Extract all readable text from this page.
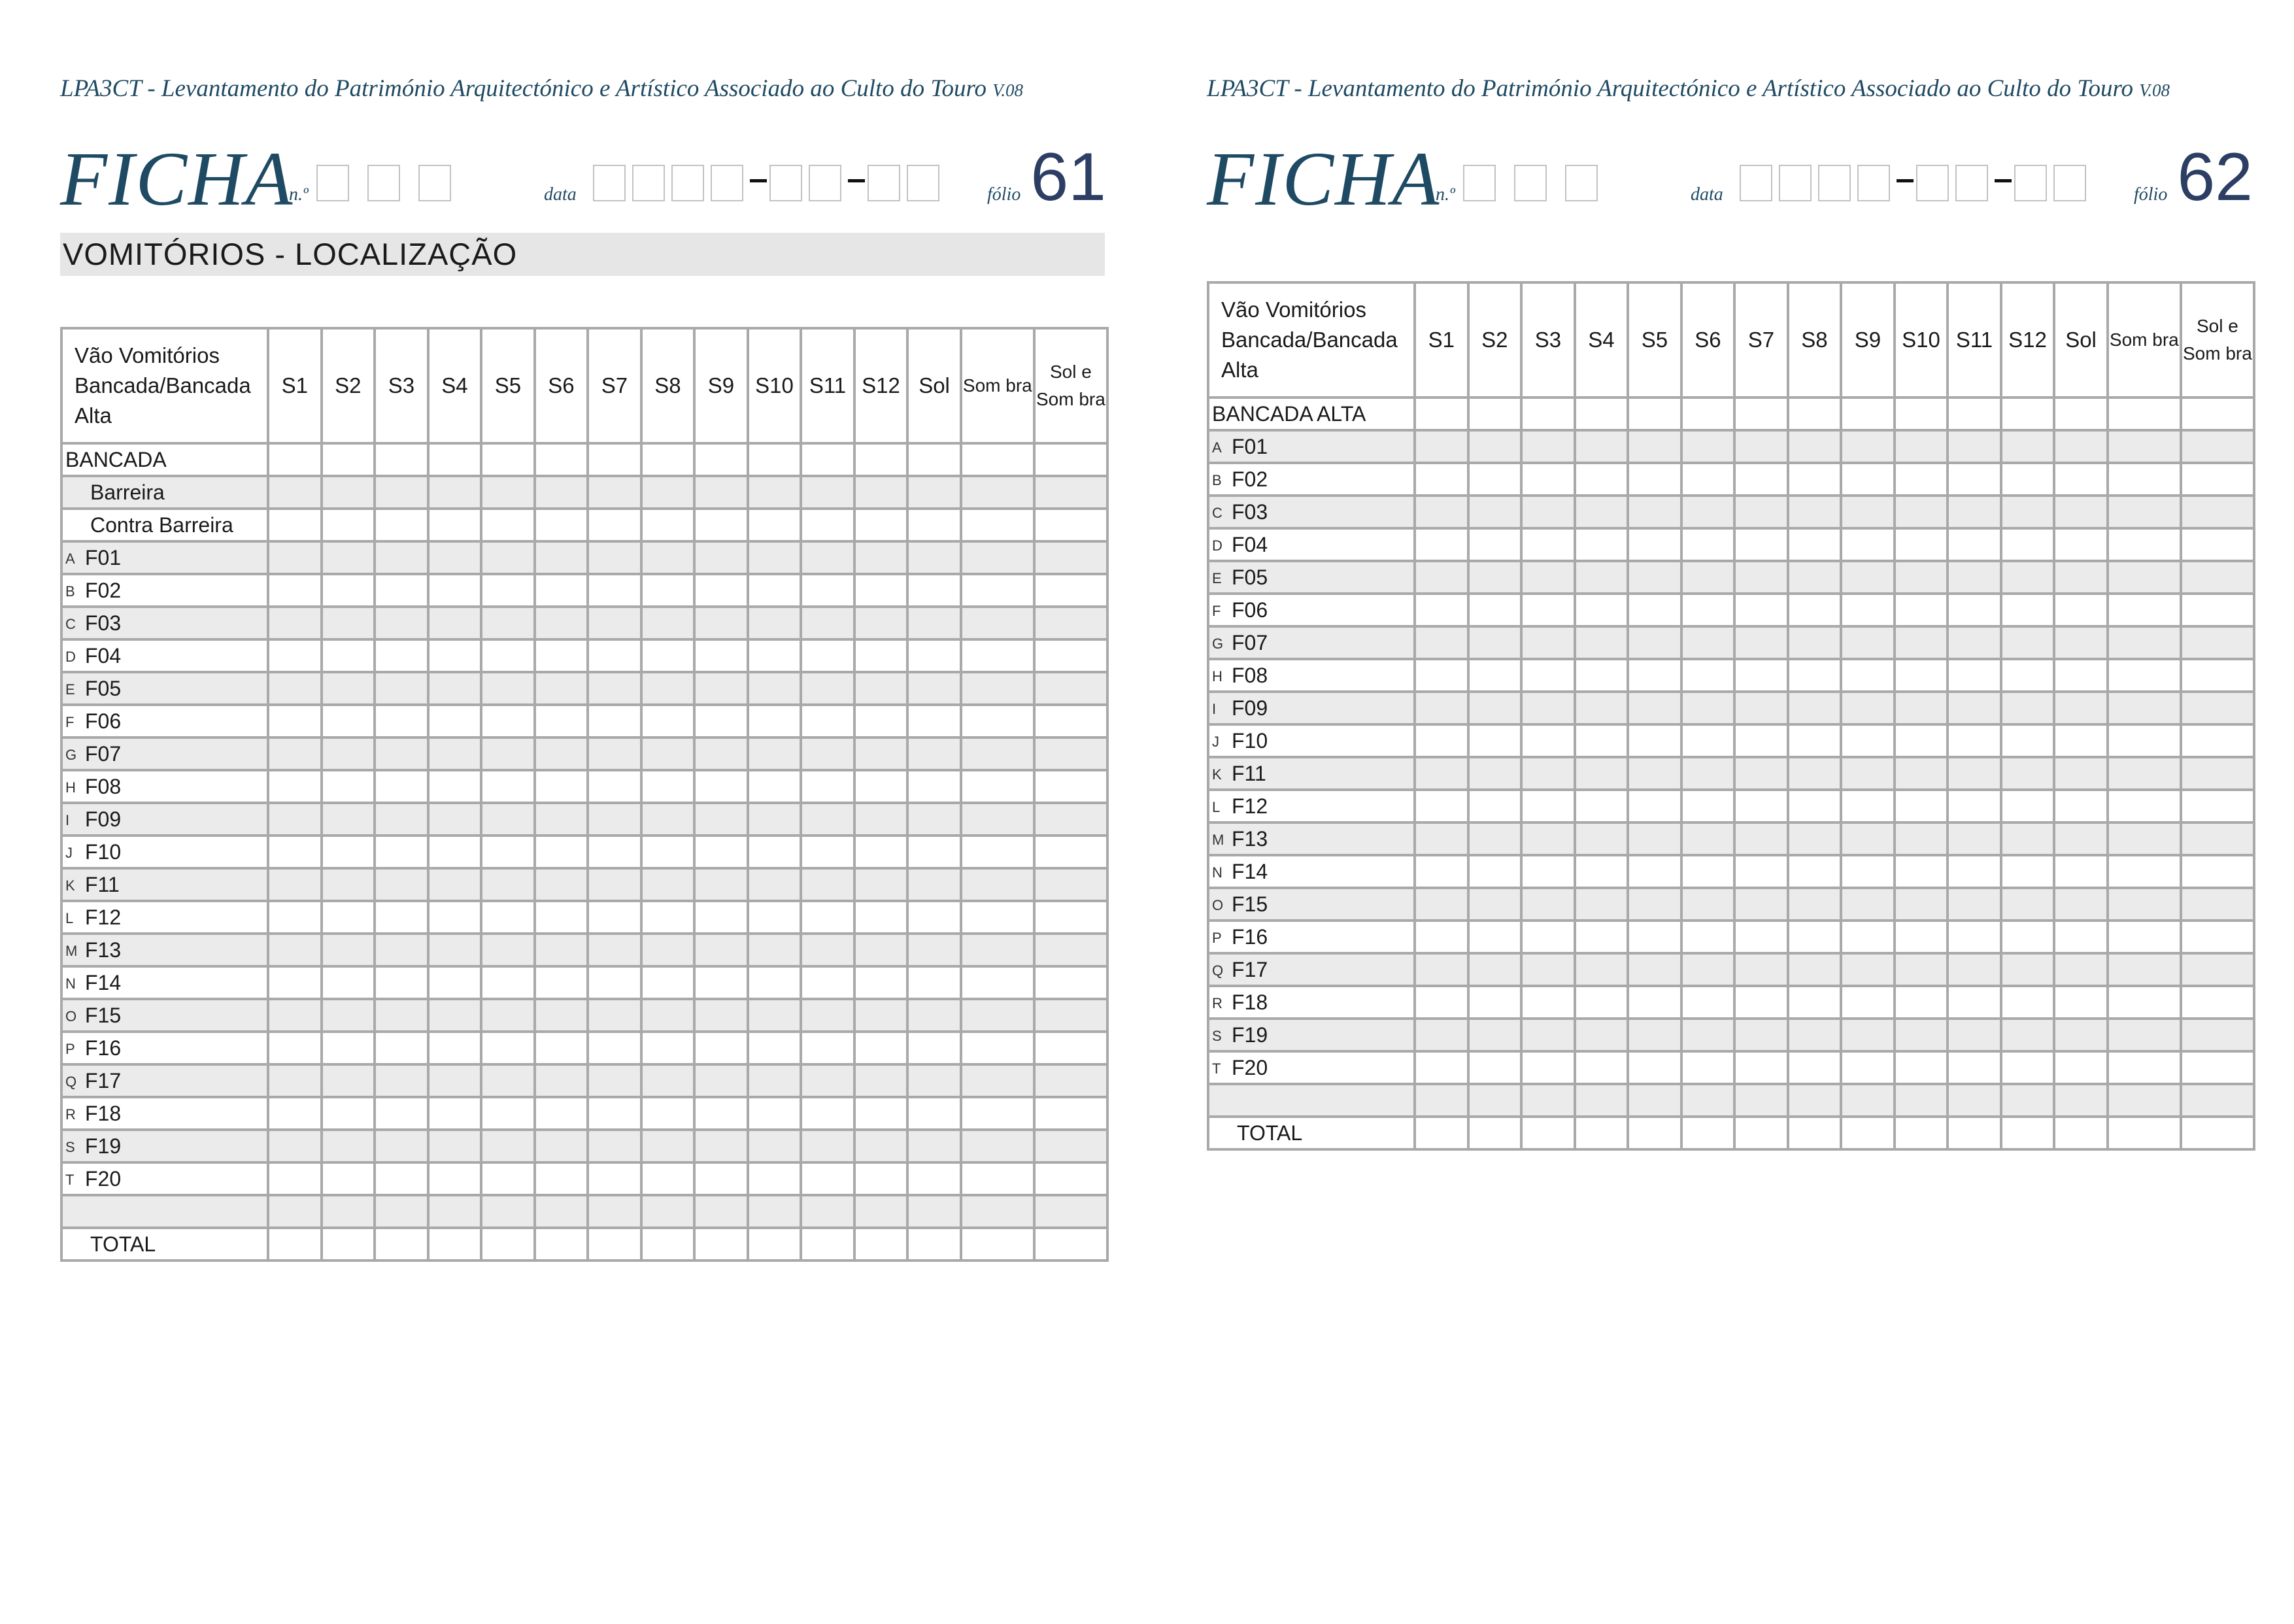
LPA3CT - Levantamento do Património Arquitectónico e Artístico Associado ao Culto do Touro V.08
FICHA
n.º	data	fólio 61
VOMITÓRIOS - LOCALIZAÇÃO
Vão Vomitórios Bancada/Bancada Alta	S1	S2	S3	S4	S5	S6	S7	S8	S9	S10	S11	S12	Sol	Som bra	Sol e Som bra
BANCADA															
Barreira															
Contra Barreira															
A F01															
B F02															
C F03															
D F04															
E F05															
F F06															
G F07															
H F08															
I F09															
J F10															
K F11															
L F12															
M F13															
N F14															
O F15															
P F16															
Q F17															
R F18															
S F19															
T F20															

TOTAL															
LPA3CT - Levantamento do Património Arquitectónico e Artístico Associado ao Culto do Touro V.08
FICHA
n.º	data	fólio 62
Vão Vomitórios Bancada/Bancada Alta	S1	S2	S3	S4	S5	S6	S7	S8	S9	S10	S11	S12	Sol	Som bra	Sol e Som bra
BANCADA ALTA															
A F01															
B F02															
C F03															
D F04															
E F05															
F F06															
G F07															
H F08															
I F09															
J F10															
K F11															
L F12															
M F13															
N F14															
O F15															
P F16															
Q F17															
R F18															
S F19															
T F20															

TOTAL															
